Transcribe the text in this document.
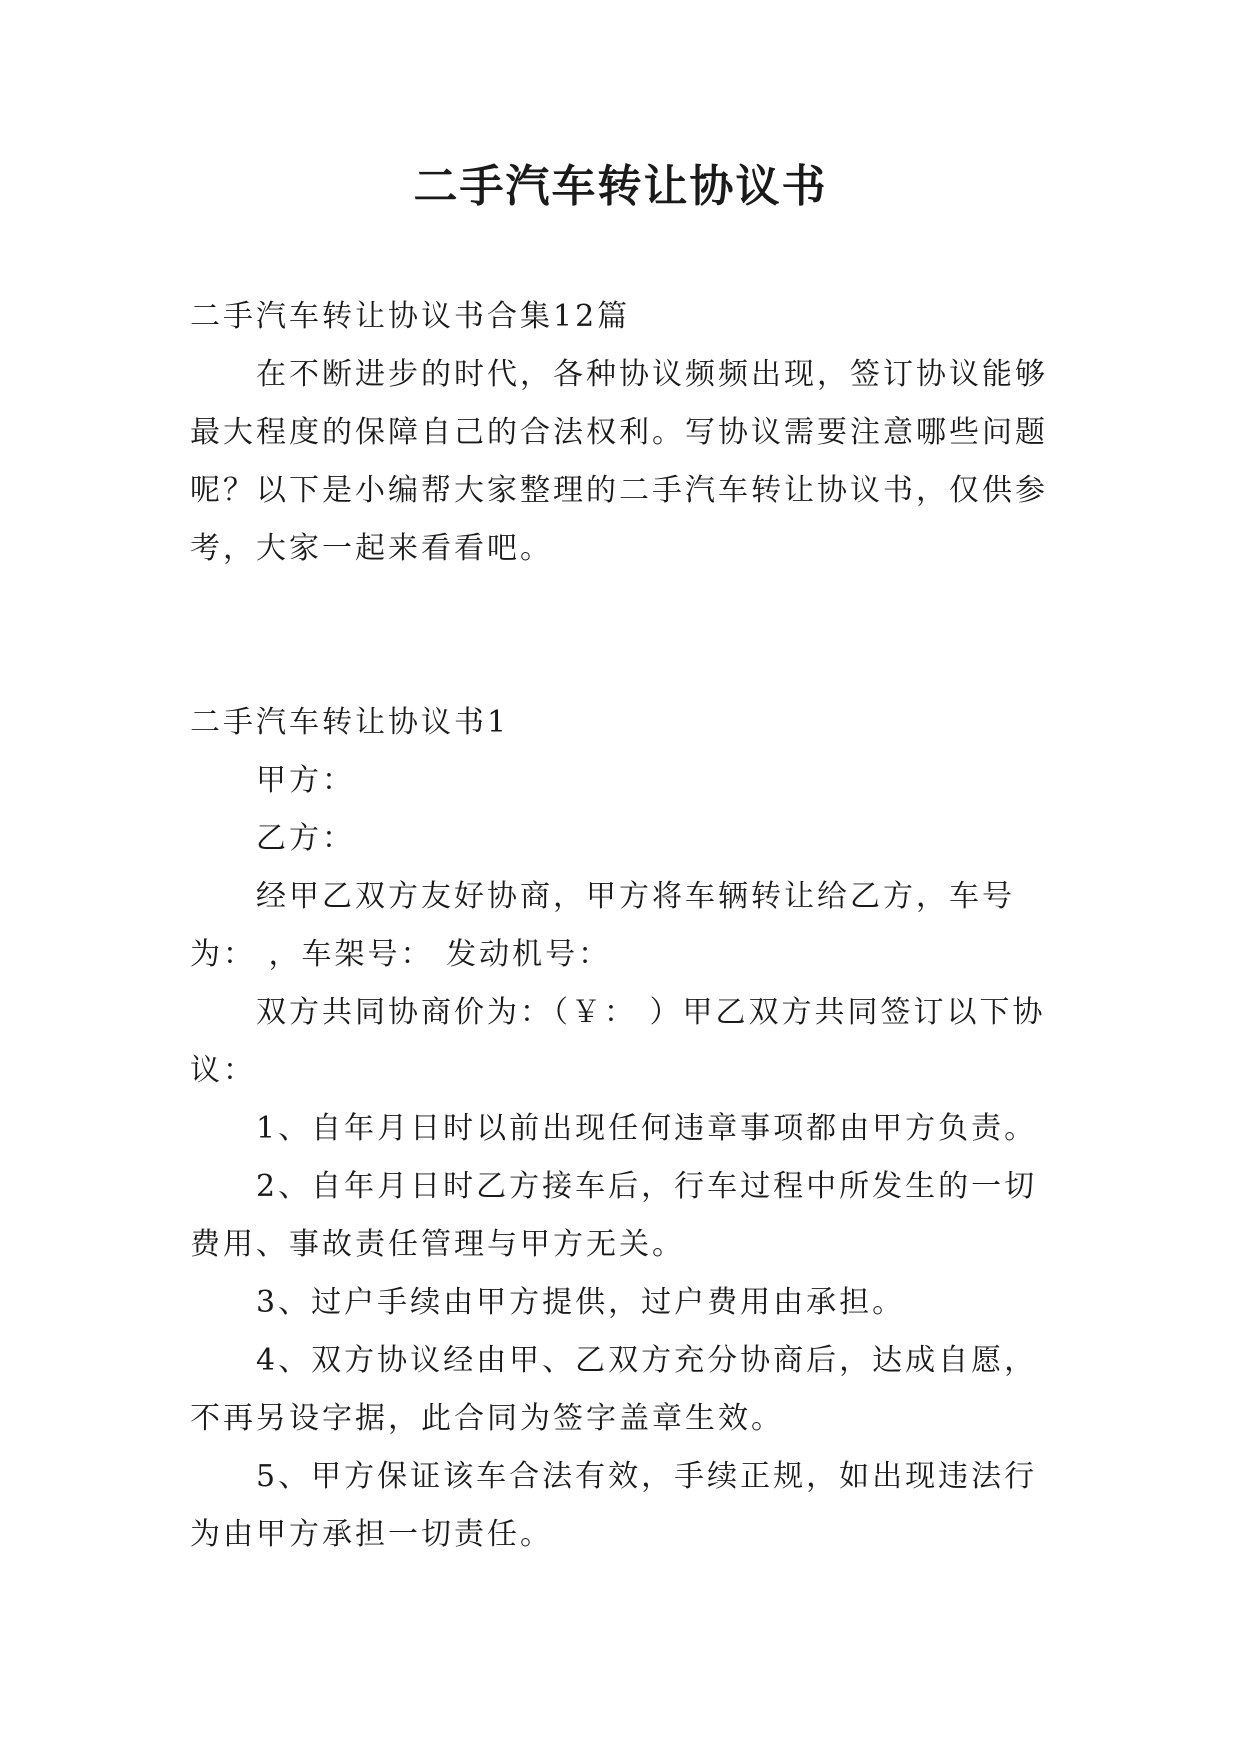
二手汽车转让协议书

二手汽车转让协议书合集12篇

在不断进步的时代，各种协议频频出现，签订协议能够最大程度的保障自己的合法权利。写协议需要注意哪些问题呢？以下是小编帮大家整理的二手汽车转让协议书，仅供参考，大家一起来看看吧。

二手汽车转让协议书1

甲方：

乙方：

经甲乙双方友好协商，甲方将车辆转让给乙方，车号为： ，车架号： 发动机号：

双方共同协商价为：（￥： ）甲乙双方共同签订以下协议：

1、自年月日时以前出现任何违章事项都由甲方负责。

2、自年月日时乙方接车后，行车过程中所发生的一切费用、事故责任管理与甲方无关。

3、过户手续由甲方提供，过户费用由承担。

4、双方协议经由甲、乙双方充分协商后，达成自愿，不再另设字据，此合同为签字盖章生效。

5、甲方保证该车合法有效，手续正规，如出现违法行为由甲方承担一切责任。
